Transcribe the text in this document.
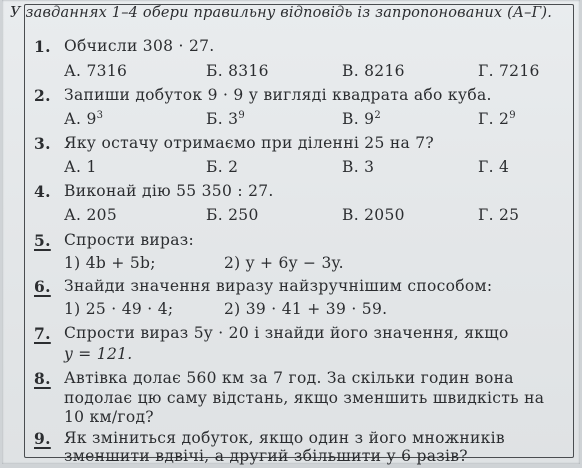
У завданнях 1–4 обери правильну відповідь із запропонованих (А–Г).
1. Обчисли 308 · 27.
А. 7316	Б. 8316	В. 8216	Г. 7216
2. Запиши добуток 9 · 9 у вигляді квадрата або куба.
А. $9^3$	Б. $3^9$	В. $9^2$	Г. $2^9$
3. Яку остачу отримаємо при діленні 25 на 7?
А. 1	Б. 2	В. 3	Г. 4
4. Виконай дію 55 350 : 27.
А. 205	Б. 250	В. 2050	Г. 25
5. Спрости вираз:
1) 4b + 5b;	2) y + 6y − 3y.
6. Знайди значення виразу найзручнішим способом:
1) 25 · 49 · 4;	2) 39 · 41 + 39 · 59.
7. Спрости вираз 5y · 20 і знайди його значення, якщо
y = 121.
8. Автівка долає 560 км за 7 год. За скільки годин вона
подолає цю саму відстань, якщо зменшить швидкість на
10 км/год?
9. Як зміниться добуток, якщо один з його множників
зменшити вдвічі, а другий збільшити у 6 разів?
